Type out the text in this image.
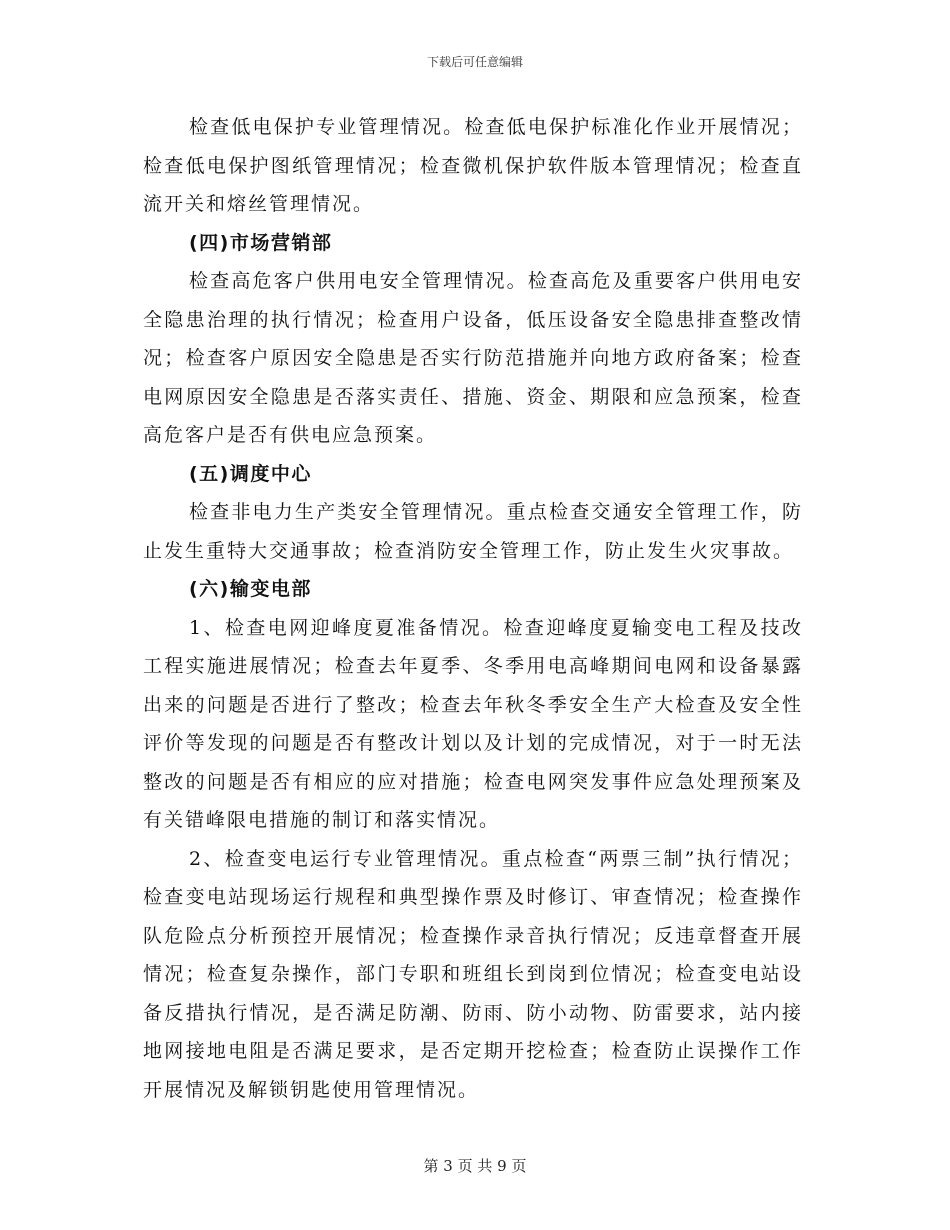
下载后可任意编辑

检查低电保护专业管理情况。检查低电保护标准化作业开展情况；检查低电保护图纸管理情况；检查微机保护软件版本管理情况；检查直流开关和熔丝管理情况。

(四)市场营销部

检查高危客户供用电安全管理情况。检查高危及重要客户供用电安全隐患治理的执行情况；检查用户设备，低压设备安全隐患排查整改情况；检查客户原因安全隐患是否实行防范措施并向地方政府备案；检查电网原因安全隐患是否落实责任、措施、资金、期限和应急预案，检查高危客户是否有供电应急预案。

(五)调度中心

检查非电力生产类安全管理情况。重点检查交通安全管理工作，防止发生重特大交通事故；检查消防安全管理工作，防止发生火灾事故。

(六)输变电部

1、检查电网迎峰度夏准备情况。检查迎峰度夏输变电工程及技改工程实施进展情况；检查去年夏季、冬季用电高峰期间电网和设备暴露出来的问题是否进行了整改；检查去年秋冬季安全生产大检查及安全性评价等发现的问题是否有整改计划以及计划的完成情况，对于一时无法整改的问题是否有相应的应对措施；检查电网突发事件应急处理预案及有关错峰限电措施的制订和落实情况。

2、检查变电运行专业管理情况。重点检查“两票三制”执行情况；检查变电站现场运行规程和典型操作票及时修订、审查情况；检查操作队危险点分析预控开展情况；检查操作录音执行情况；反违章督查开展情况；检查复杂操作，部门专职和班组长到岗到位情况；检查变电站设备反措执行情况，是否满足防潮、防雨、防小动物、防雷要求，站内接地网接地电阻是否满足要求，是否定期开挖检查；检查防止误操作工作开展情况及解锁钥匙使用管理情况。

第 3 页 共 9 页
